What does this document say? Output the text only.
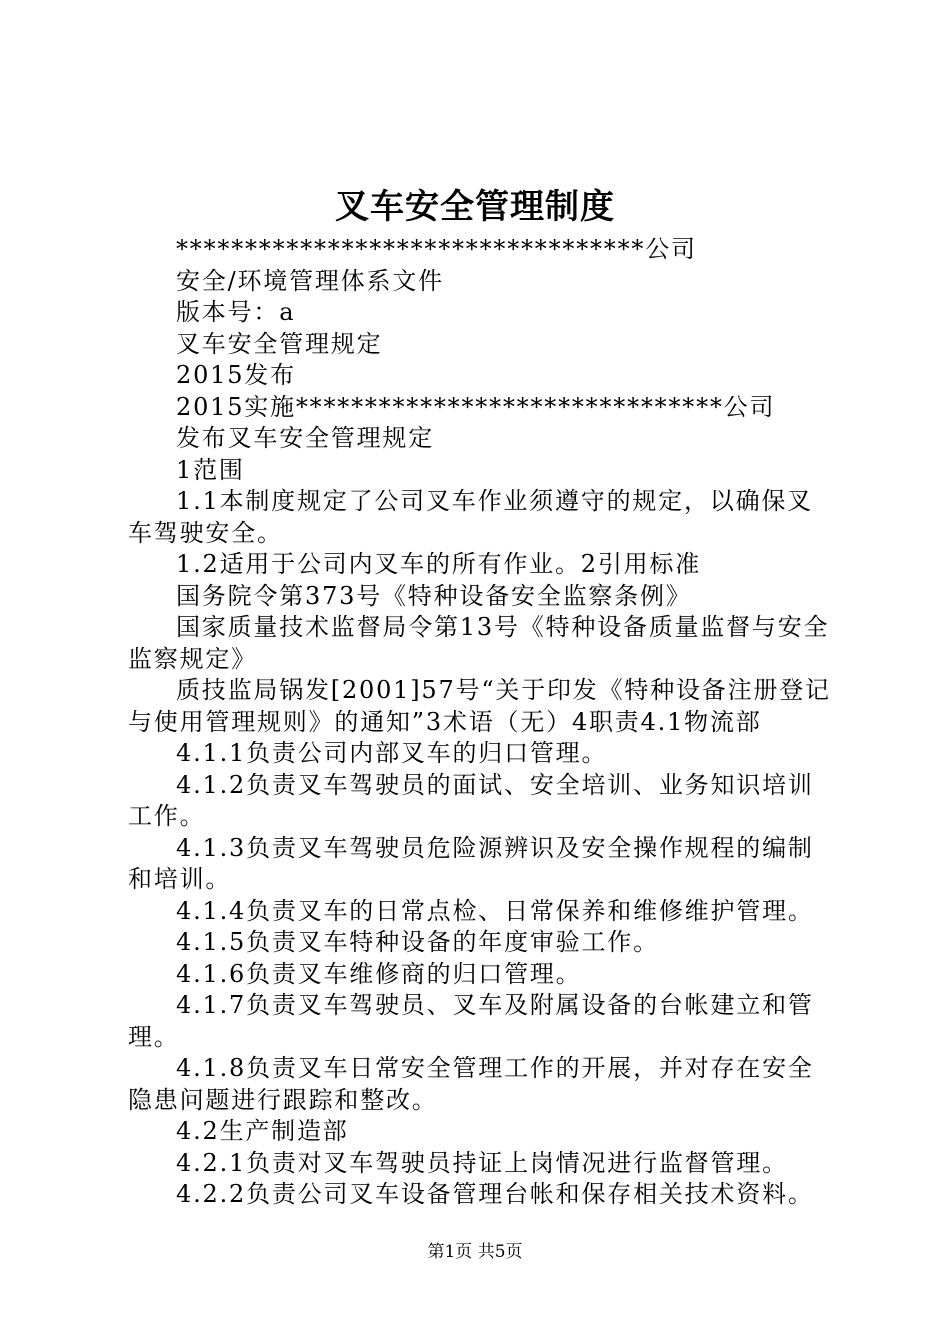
叉车安全管理制度

**********************************公司

安全/环境管理体系文件

版本号：a

叉车安全管理规定

2015发布

2015实施*******************************公司

发布叉车安全管理规定

1范围

1.1本制度规定了公司叉车作业须遵守的规定，以确保叉车驾驶安全。

1.2适用于公司内叉车的所有作业。2引用标准

国务院令第373号《特种设备安全监察条例》

国家质量技术监督局令第13号《特种设备质量监督与安全监察规定》

质技监局锅发[2001]57号“关于印发《特种设备注册登记与使用管理规则》的通知”3术语（无）4职责4.1物流部

4.1.1负责公司内部叉车的归口管理。

4.1.2负责叉车驾驶员的面试、安全培训、业务知识培训工作。

4.1.3负责叉车驾驶员危险源辨识及安全操作规程的编制和培训。

4.1.4负责叉车的日常点检、日常保养和维修维护管理。

4.1.5负责叉车特种设备的年度审验工作。

4.1.6负责叉车维修商的归口管理。

4.1.7负责叉车驾驶员、叉车及附属设备的台帐建立和管理。

4.1.8负责叉车日常安全管理工作的开展，并对存在安全隐患问题进行跟踪和整改。

4.2生产制造部

4.2.1负责对叉车驾驶员持证上岗情况进行监督管理。

4.2.2负责公司叉车设备管理台帐和保存相关技术资料。

第1页 共5页
